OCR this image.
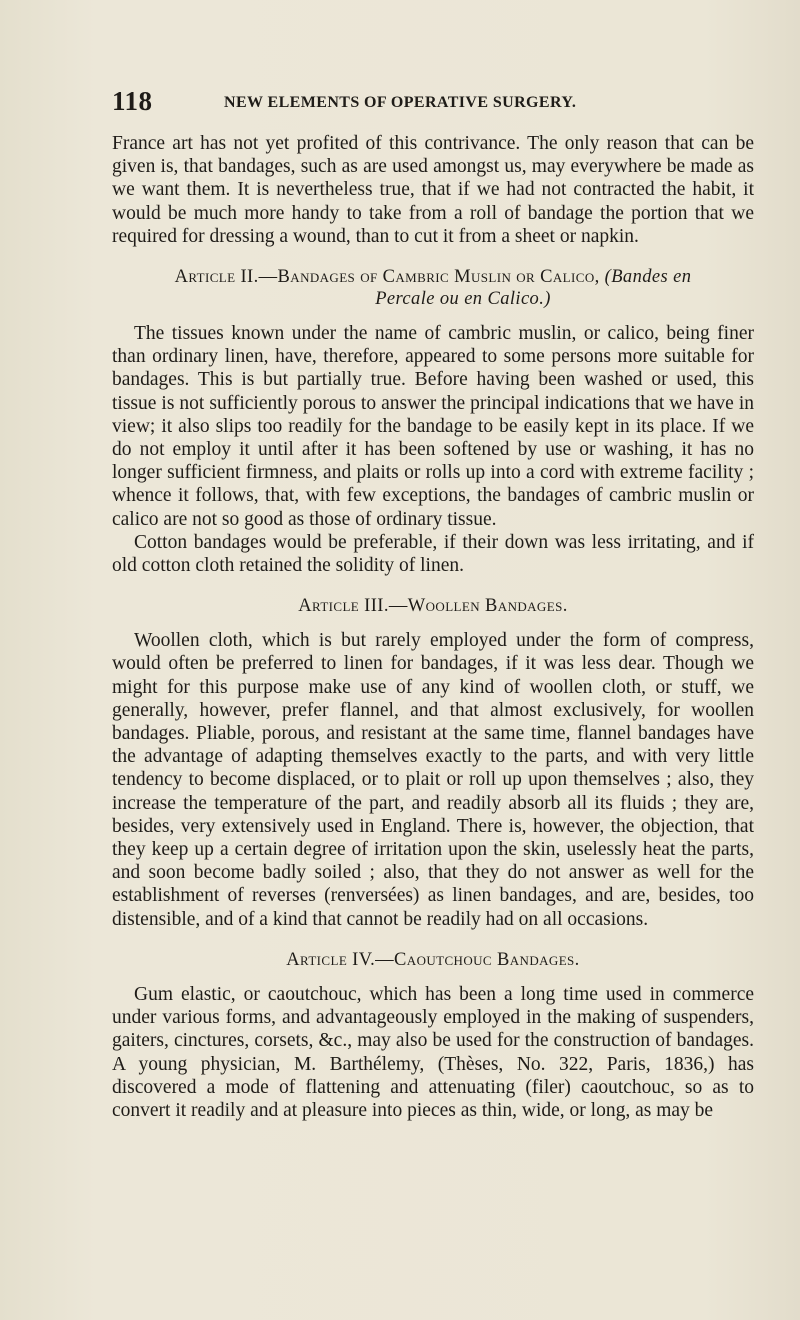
118	NEW ELEMENTS OF OPERATIVE SURGERY.

France art has not yet profited of this contrivance. The only reason that can be given is, that bandages, such as are used amongst us, may everywhere be made as we want them. It is nevertheless true, that if we had not contracted the habit, it would be much more handy to take from a roll of bandage the portion that we required for dressing a wound, than to cut it from a sheet or napkin.

Article II.—Bandages of Cambric Muslin or Calico, (Bandes en
Percale ou en Calico.)

The tissues known under the name of cambric muslin, or calico, being finer than ordinary linen, have, therefore, appeared to some persons more suitable for bandages. This is but partially true. Before having been washed or used, this tissue is not sufficiently porous to answer the principal indications that we have in view; it also slips too readily for the bandage to be easily kept in its place. If we do not employ it until after it has been softened by use or washing, it has no longer sufficient firmness, and plaits or rolls up into a cord with extreme facility ; whence it follows, that, with few exceptions, the bandages of cambric muslin or calico are not so good as those of ordinary tissue.

Cotton bandages would be preferable, if their down was less irritating, and if old cotton cloth retained the solidity of linen.

Article III.—Woollen Bandages.

Woollen cloth, which is but rarely employed under the form of compress, would often be preferred to linen for bandages, if it was less dear. Though we might for this purpose make use of any kind of woollen cloth, or stuff, we generally, however, prefer flannel, and that almost exclusively, for woollen bandages. Pliable, porous, and resistant at the same time, flannel bandages have the advantage of adapting themselves exactly to the parts, and with very little tendency to become displaced, or to plait or roll up upon themselves ; also, they increase the temperature of the part, and readily absorb all its fluids ; they are, besides, very extensively used in England. There is, however, the objection, that they keep up a certain degree of irritation upon the skin, uselessly heat the parts, and soon become badly soiled ; also, that they do not answer as well for the establishment of reverses (renversées) as linen bandages, and are, besides, too distensible, and of a kind that cannot be readily had on all occasions.

Article IV.—Caoutchouc Bandages.

Gum elastic, or caoutchouc, which has been a long time used in commerce under various forms, and advantageously employed in the making of suspenders, gaiters, cinctures, corsets, &c., may also be used for the construction of bandages. A young physician, M. Barthélemy, (Thèses, No. 322, Paris, 1836,) has discovered a mode of flattening and attenuating (filer) caoutchouc, so as to convert it readily and at pleasure into pieces as thin, wide, or long, as may be
